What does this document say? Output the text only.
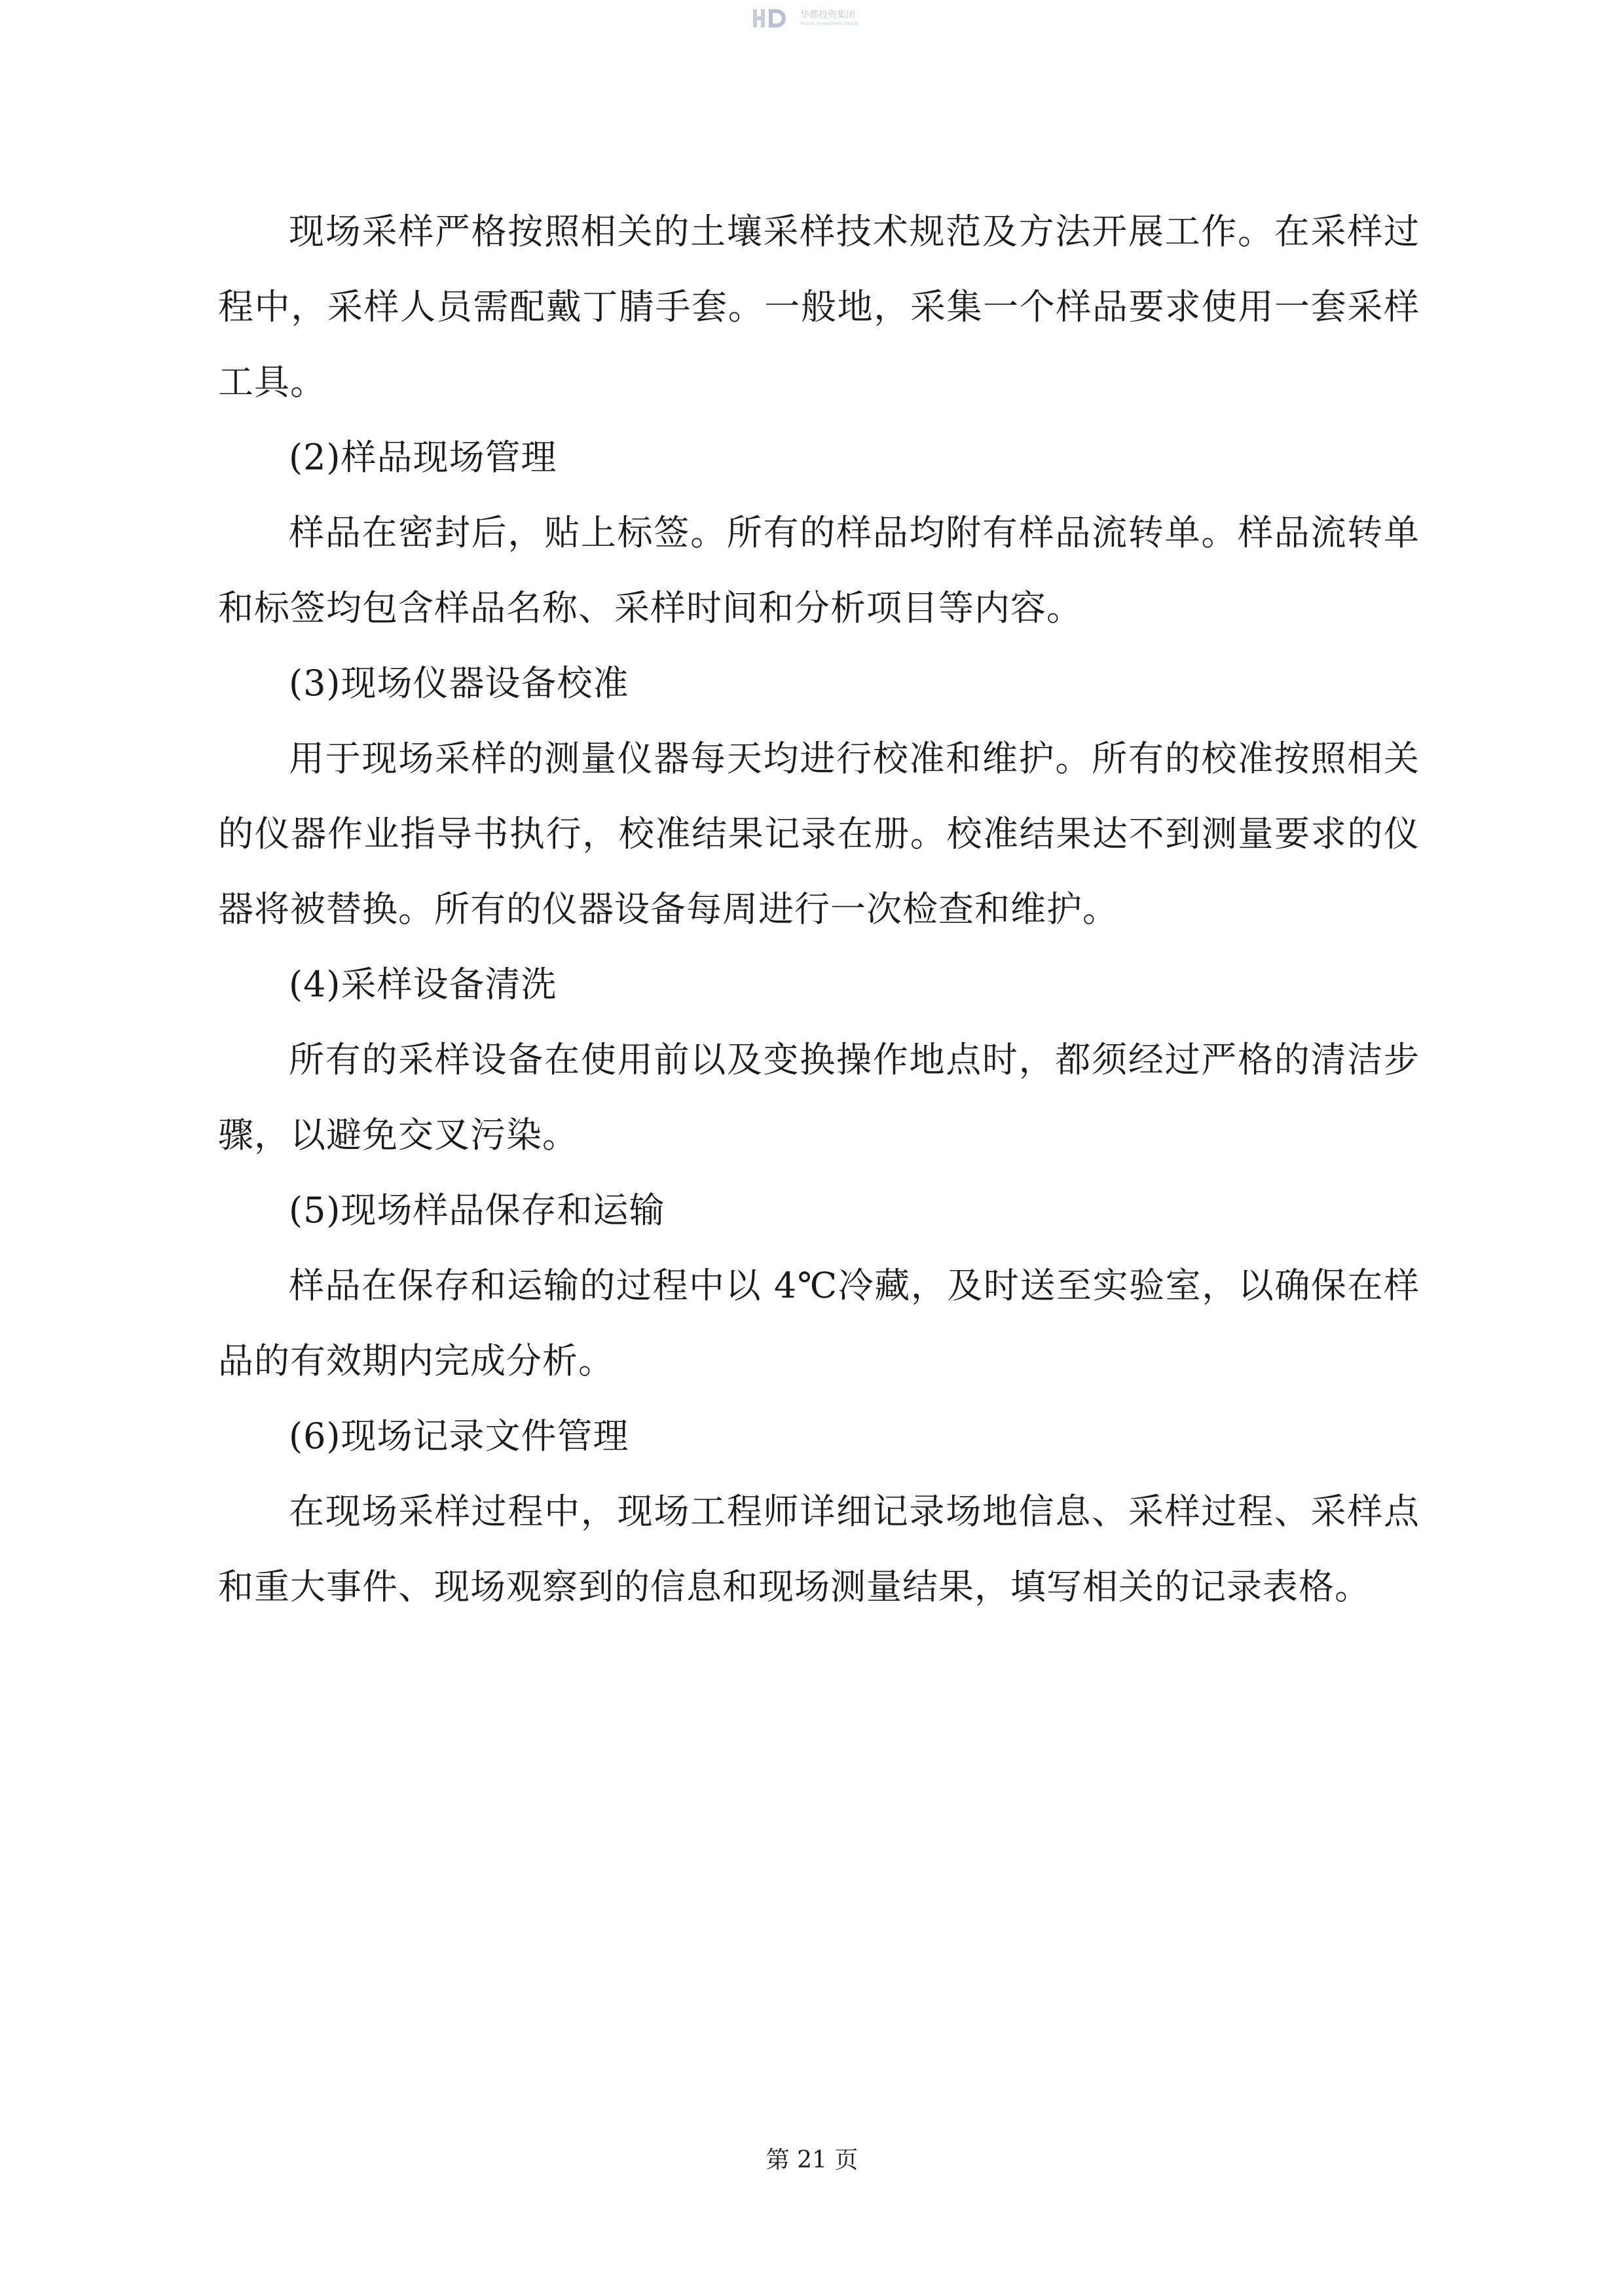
华都投资集团
Huadu Investment Group

现场采样严格按照相关的土壤采样技术规范及方法开展工作。在采样过程中，采样人员需配戴丁腈手套。一般地，采集一个样品要求使用一套采样工具。

(2)样品现场管理

样品在密封后，贴上标签。所有的样品均附有样品流转单。样品流转单和标签均包含样品名称、采样时间和分析项目等内容。

(3)现场仪器设备校准

用于现场采样的测量仪器每天均进行校准和维护。所有的校准按照相关的仪器作业指导书执行，校准结果记录在册。校准结果达不到测量要求的仪器将被替换。所有的仪器设备每周进行一次检查和维护。

(4)采样设备清洗

所有的采样设备在使用前以及变换操作地点时，都须经过严格的清洁步骤，以避免交叉污染。

(5)现场样品保存和运输

样品在保存和运输的过程中以 4℃冷藏，及时送至实验室，以确保在样品的有效期内完成分析。

(6)现场记录文件管理

在现场采样过程中，现场工程师详细记录场地信息、采样过程、采样点和重大事件、现场观察到的信息和现场测量结果，填写相关的记录表格。

第 21 页
